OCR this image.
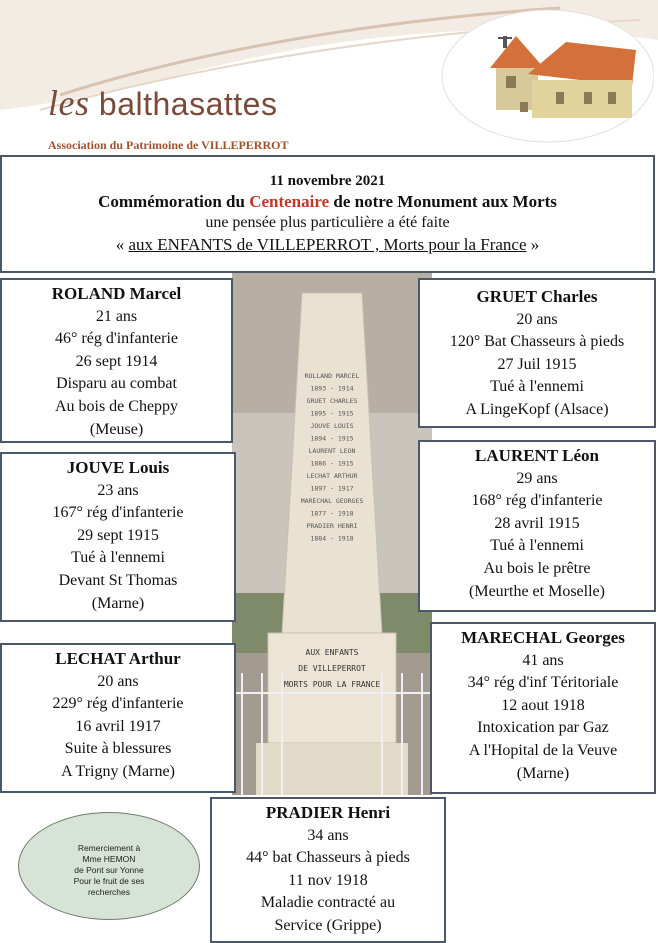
les balthasattes
Association du Patrimoine de VILLEPERROT
11 novembre 2021
Commémoration du Centenaire de notre Monument aux Morts
une pensée plus particulière a été faite
« aux ENFANTS de VILLEPERROT , Morts pour la France »
ROLLAND MARCEL
1893 - 1914
GRUET CHARLES
1895 - 1915
JOUVE LOUIS
1894 - 1915
LAURENT LEON
1886 - 1915
LECHAT ARTHUR
1897 - 1917
MARECHAL GEORGES
1877 - 1918
PRADIER HENRI
1884 - 1918
AUX ENFANTS
DE VILLEPERROT
MORTS POUR LA FRANCE
ROLAND Marcel
21 ans
46° rég d'infanterie
26 sept 1914
Disparu au combat
Au bois de Cheppy
(Meuse)
GRUET Charles
20 ans
120° Bat Chasseurs à pieds
27 Juil 1915
Tué à l'ennemi
A LingeKopf (Alsace)
JOUVE Louis
23 ans
167° rég d'infanterie
29 sept 1915
Tué à l'ennemi
Devant St Thomas
(Marne)
LAURENT Léon
29 ans
168° rég d'infanterie
28 avril 1915
Tué à l'ennemi
Au bois le prêtre
(Meurthe et Moselle)
LECHAT Arthur
20 ans
229° rég d'infanterie
16 avril 1917
Suite à blessures
A Trigny (Marne)
MARECHAL Georges
41 ans
34° rég d'inf Téritoriale
12 aout 1918
Intoxication par Gaz
A l'Hopital de la Veuve
(Marne)
PRADIER Henri
34 ans
44° bat Chasseurs à pieds
11 nov 1918
Maladie contracté au
Service (Grippe)
Remerciement à
Mme HEMON
de Pont sur Yonne
Pour le fruit de ses
recherches
